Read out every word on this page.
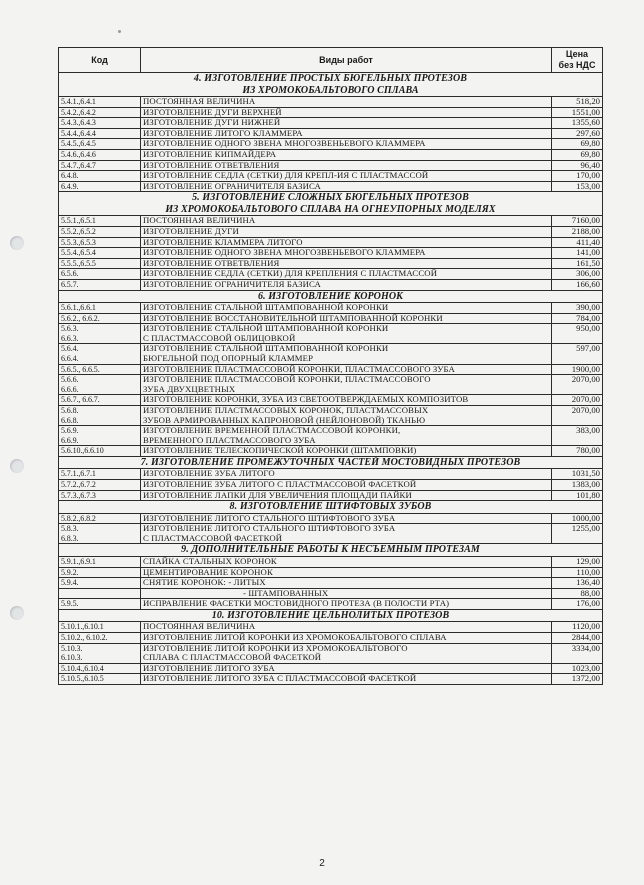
Код	Виды работ	Цена
без НДС
4. ИЗГОТОВЛЕНИЕ ПРОСТЫХ БЮГЕЛЬНЫХ ПРОТЕЗОВ
ИЗ ХРОМОКОБАЛЬТОВОГО СПЛАВА		
5.4.1.,6.4.1	ПОСТОЯННАЯ ВЕЛИЧИНА	518,20
5.4.2.,6.4.2	ИЗГОТОВЛЕНИЕ ДУГИ ВЕРХНЕЙ	1551,00
5.4.3.,6.4.3	ИЗГОТОВЛЕНИЕ ДУГИ НИЖНЕЙ	1355,60
5.4.4.,6.4.4	ИЗГОТОВЛЕНИЕ ЛИТОГО КЛАММЕРА	297,60
5.4.5.,6.4.5	ИЗГОТОВЛЕНИЕ ОДНОГО ЗВЕНА МНОГОЗВЕНЬЕВОГО КЛАММЕРА	69,80
5.4.6.,6.4.6	ИЗГОТОВЛЕНИЕ КИПМАЙДЕРА	69,80
5.4.7.,6.4.7	ИЗГОТОВЛЕНИЕ ОТВЕТВЛЕНИЯ	96,40
6.4.8.	ИЗГОТОВЛЕНИЕ СЕДЛА (СЕТКИ) ДЛЯ КРЕПЛ-ИЯ С ПЛАСТМАССОЙ	170,00
6.4.9.	ИЗГОТОВЛЕНИЕ ОГРАНИЧИТЕЛЯ БАЗИСА	153,00
5. ИЗГОТОВЛЕНИЕ СЛОЖНЫХ БЮГЕЛЬНЫХ ПРОТЕЗОВ
ИЗ ХРОМОКОБАЛЬТОВОГО СПЛАВА НА ОГНЕУПОРНЫХ МОДЕЛЯХ		
5.5.1.,6.5.1	ПОСТОЯННАЯ ВЕЛИЧИНА	7160,00
5.5.2.,6.5.2	ИЗГОТОВЛЕНИЕ ДУГИ	2188,00
5.5.3.,6.5.3	ИЗГОТОВЛЕНИЕ КЛАММЕРА ЛИТОГО	411,40
5.5.4.,6.5.4	ИЗГОТОВЛЕНИЕ ОДНОГО ЗВЕНА МНОГОЗВЕНЬЕВОГО КЛАММЕРА	141,00
5.5.5.,6.5.5	ИЗГОТОВЛЕНИЕ ОТВЕТВЛЕНИЯ	161,50
6.5.6.	ИЗГОТОВЛЕНИЕ СЕДЛА (СЕТКИ) ДЛЯ КРЕПЛЕНИЯ С ПЛАСТМАССОЙ	306,00
6.5.7.	ИЗГОТОВЛЕНИЕ ОГРАНИЧИТЕЛЯ БАЗИСА	166,60
6. ИЗГОТОВЛЕНИЕ КОРОНОК		
5.6.1.,6.6.1	ИЗГОТОВЛЕНИЕ СТАЛЬНОЙ ШТАМПОВАННОЙ КОРОНКИ	390,00
5.6.2., 6.6.2.	ИЗГОТОВЛЕНИЕ ВОССТАНОВИТЕЛЬНОЙ ШТАМПОВАННОЙ КОРОНКИ	784,00
5.6.3.
6.6.3.	ИЗГОТОВЛЕНИЕ СТАЛЬНОЙ ШТАМПОВАННОЙ КОРОНКИ
С ПЛАСТМАССОВОЙ ОБЛИЦОВКОЙ	950,00
5.6.4.
6.6.4.	ИЗГОТОВЛЕНИЕ СТАЛЬНОЙ ШТАМПОВАННОЙ КОРОНКИ
БЮГЕЛЬНОЙ ПОД ОПОРНЫЙ КЛАММЕР	597,00
5.6.5., 6.6.5.	ИЗГОТОВЛЕНИЕ ПЛАСТМАССОВОЙ КОРОНКИ, ПЛАСТМАССОВОГО ЗУБА	1900,00
5.6.6.
6.6.6.	ИЗГОТОВЛЕНИЕ ПЛАСТМАССОВОЙ КОРОНКИ, ПЛАСТМАССОВОГО
ЗУБА ДВУХЦВЕТНЫХ	2070,00
5.6.7., 6.6.7.	ИЗГОТОВЛЕНИЕ КОРОНКИ, ЗУБА ИЗ СВЕТООТВЕРЖДАЕМЫХ КОМПОЗИТОВ	2070,00
5.6.8.
6.6.8.	ИЗГОТОВЛЕНИЕ ПЛАСТМАССОВЫХ КОРОНОК, ПЛАСТМАССОВЫХ
ЗУБОВ АРМИРОВАННЫХ КАПРОНОВОЙ (НЕЙЛОНОВОЙ) ТКАНЬЮ	2070,00
5.6.9.
6.6.9.	ИЗГОТОВЛЕНИЕ ВРЕМЕННОЙ ПЛАСТМАССОВОЙ КОРОНКИ,
ВРЕМЕННОГО ПЛАСТМАССОВОГО ЗУБА	383,00
5.6.10.,6.6.10	ИЗГОТОВЛЕНИЕ ТЕЛЕСКОПИЧЕСКОЙ КОРОНКИ (ШТАМПОВКИ)	780,00
7. ИЗГОТОВЛЕНИЕ ПРОМЕЖУТОЧНЫХ ЧАСТЕЙ МОСТОВИДНЫХ ПРОТЕЗОВ		
5.7.1.,6.7.1	ИЗГОТОВЛЕНИЕ ЗУБА ЛИТОГО	1031,50
5.7.2.,6.7.2	ИЗГОТОВЛЕНИЕ ЗУБА ЛИТОГО С ПЛАСТМАССОВОЙ ФАСЕТКОЙ	1383,00
5.7.3.,6.7.3	ИЗГОТОВЛЕНИЕ ЛАПКИ ДЛЯ УВЕЛИЧЕНИЯ ПЛОЩАДИ ПАЙКИ	101,80
8. ИЗГОТОВЛЕНИЕ ШТИФТОВЫХ ЗУБОВ		
5.8.2.,6.8.2	ИЗГОТОВЛЕНИЕ ЛИТОГО СТАЛЬНОГО ШТИФТОВОГО ЗУБА	1000,00
5.8.3.
6.8.3.	ИЗГОТОВЛЕНИЕ ЛИТОГО СТАЛЬНОГО ШТИФТОВОГО ЗУБА
С ПЛАСТМАССОВОЙ ФАСЕТКОЙ	1255,00
9. ДОПОЛНИТЕЛЬНЫЕ РАБОТЫ К НЕСЪЕМНЫМ ПРОТЕЗАМ		
5.9.1.,6.9.1	СПАЙКА СТАЛЬНЫХ КОРОНОК	129,00
5.9.2.	ЦЕМЕНТИРОВАНИЕ КОРОНОК	110,00
5.9.4.	СНЯТИЕ КОРОНОК: - ЛИТЫХ	136,40

	- ШТАМПОВАННЫХ	88,00
5.9.5.	ИСПРАВЛЕНИЕ ФАСЕТКИ МОСТОВИДНОГО ПРОТЕЗА (В ПОЛОСТИ РТА)	176,00
10. ИЗГОТОВЛЕНИЕ ЦЕЛЬНОЛИТЫХ ПРОТЕЗОВ		
5.10.1.,6.10.1	ПОСТОЯННАЯ ВЕЛИЧИНА	1120,00
5.10.2., 6.10.2.	ИЗГОТОВЛЕНИЕ ЛИТОЙ КОРОНКИ ИЗ ХРОМОКОБАЛЬТОВОГО СПЛАВА	2844,00
5.10.3.
6.10.3.	ИЗГОТОВЛЕНИЕ ЛИТОЙ КОРОНКИ ИЗ ХРОМОКОБАЛЬТОВОГО
СПЛАВА С ПЛАСТМАССОВОЙ ФАСЕТКОЙ	3334,00
5.10.4.,6.10.4	ИЗГОТОВЛЕНИЕ ЛИТОГО ЗУБА	1023,00
5.10.5.,6.10.5	ИЗГОТОВЛЕНИЕ ЛИТОГО ЗУБА С ПЛАСТМАССОВОЙ ФАСЕТКОЙ	1372,00
2
